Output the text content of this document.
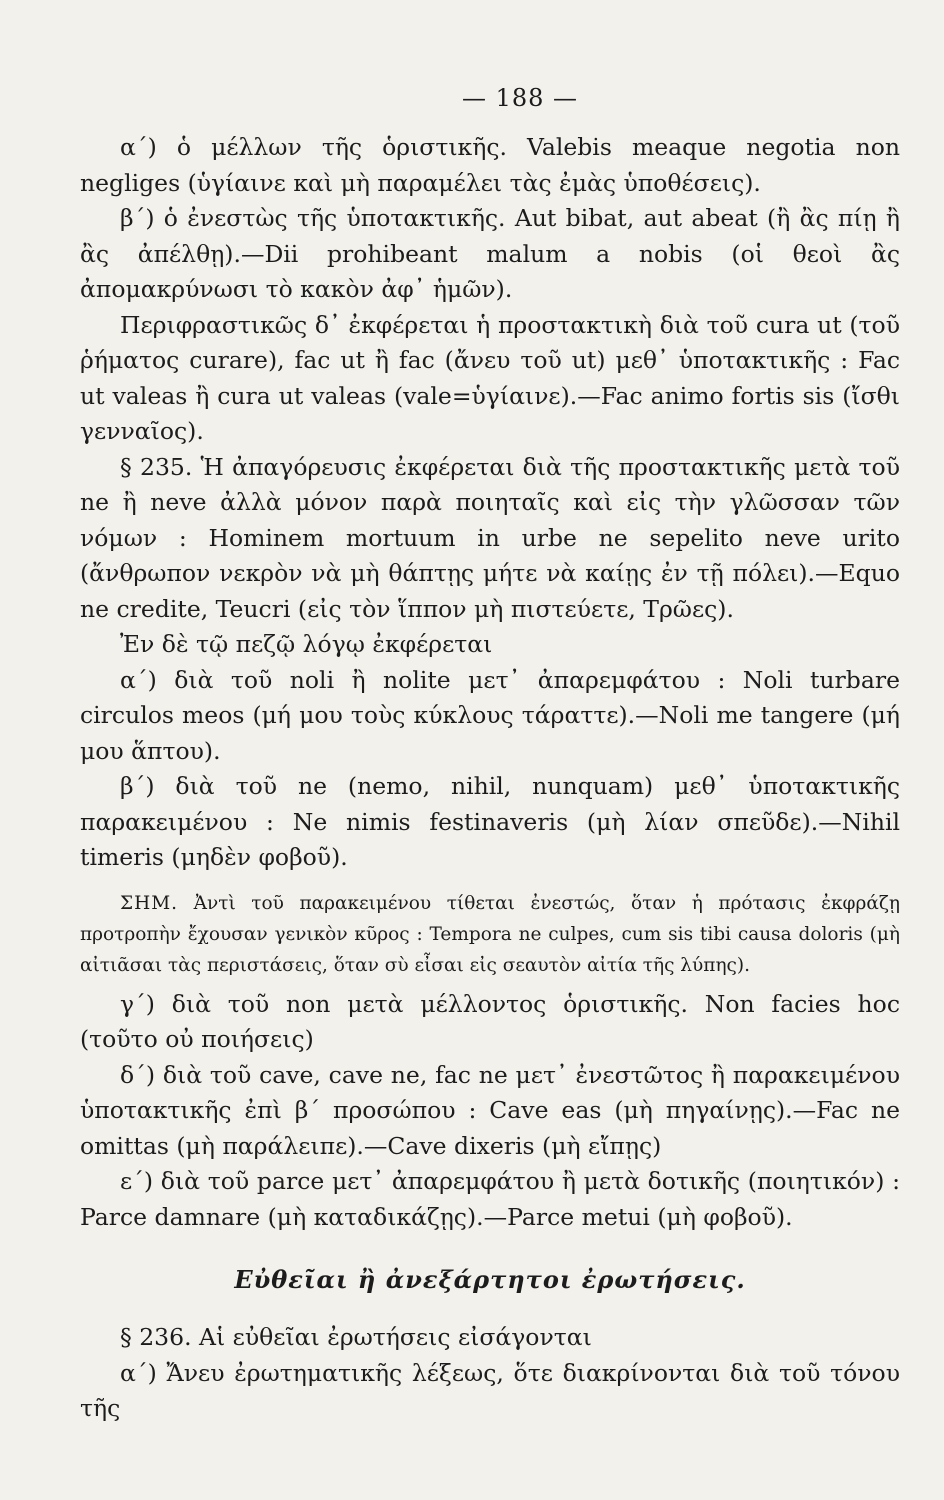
— 188 —

α΄) ὁ μέλλων τῆς ὁριστικῆς. Valebis meaque negotia non negliges (ὑγίαινε καὶ μὴ παραμέλει τὰς ἐμὰς ὑποθέσεις).

β΄) ὁ ἐνεστὼς τῆς ὑποτακτικῆς. Aut bibat, aut abeat (ἢ ἂς πίῃ ἢ ἂς ἀπέλθῃ).—Dii prohibeant malum a nobis (οἱ θεοὶ ἂς ἀπομακρύνωσι τὸ κακὸν ἀφ᾽ ἡμῶν).

Περιφραστικῶς δ᾽ ἐκφέρεται ἡ προστακτικὴ διὰ τοῦ cura ut (τοῦ ῥήματος curare), fac ut ἢ fac (ἄνευ τοῦ ut) μεθ᾽ ὑποτακτικῆς : Fac ut valeas ἢ cura ut valeas (vale=ὑγίαινε).—Fac animo fortis sis (ἴσθι γενναῖος).

§ 235. Ἡ ἀπαγόρευσις ἐκφέρεται διὰ τῆς προστακτικῆς μετὰ τοῦ ne ἢ neve ἀλλὰ μόνον παρὰ ποιηταῖς καὶ εἰς τὴν γλῶσσαν τῶν νόμων : Hominem mortuum in urbe ne sepelito neve urito (ἄνθρωπον νεκρὸν νὰ μὴ θάπτῃς μήτε νὰ καίῃς ἐν τῇ πόλει).—Equo ne credite, Teucri (εἰς τὸν ἵππον μὴ πιστεύετε, Τρῶες).

Ἐν δὲ τῷ πεζῷ λόγῳ ἐκφέρεται

α΄) διὰ τοῦ noli ἢ nolite μετ᾽ ἀπαρεμφάτου : Noli turbare circulos meos (μή μου τοὺς κύκλους τάραττε).—Noli me tangere (μή μου ἅπτου).

β΄) διὰ τοῦ ne (nemo, nihil, nunquam) μεθ᾽ ὑποτακτικῆς παρακειμένου : Ne nimis festinaveris (μὴ λίαν σπεῦδε).—Nihil timeris (μηδὲν φοβοῦ).

ΣΗΜ. Ἀντὶ τοῦ παρακειμένου τίθεται ἐνεστώς, ὅταν ἡ πρότασις ἐκφράζῃ προτροπὴν ἔχουσαν γενικὸν κῦρος : Tempora ne culpes, cum sis tibi causa doloris (μὴ αἰτιᾶσαι τὰς περιστάσεις, ὅταν σὺ εἶσαι εἰς σεαυτὸν αἰτία τῆς λύπης).

γ΄) διὰ τοῦ non μετὰ μέλλοντος ὁριστικῆς. Non facies hoc (τοῦτο οὐ ποιήσεις)

δ΄) διὰ τοῦ cave, cave ne, fac ne μετ᾽ ἐνεστῶτος ἢ παρακειμένου ὑποτακτικῆς ἐπὶ β΄ προσώπου : Cave eas (μὴ πηγαίνῃς).—Fac ne omittas (μὴ παράλειπε).—Cave dixeris (μὴ εἴπῃς)

ε΄) διὰ τοῦ parce μετ᾽ ἀπαρεμφάτου ἢ μετὰ δοτικῆς (ποιητικόν) : Parce damnare (μὴ καταδικάζῃς).—Parce metui (μὴ φοβοῦ).

Εὐθεῖαι ἢ ἀνεξάρτητοι ἐρωτήσεις.

§ 236. Αἱ εὐθεῖαι ἐρωτήσεις εἰσάγονται

α΄) Ἄνευ ἐρωτηματικῆς λέξεως, ὅτε διακρίνονται διὰ τοῦ τόνου τῆς
